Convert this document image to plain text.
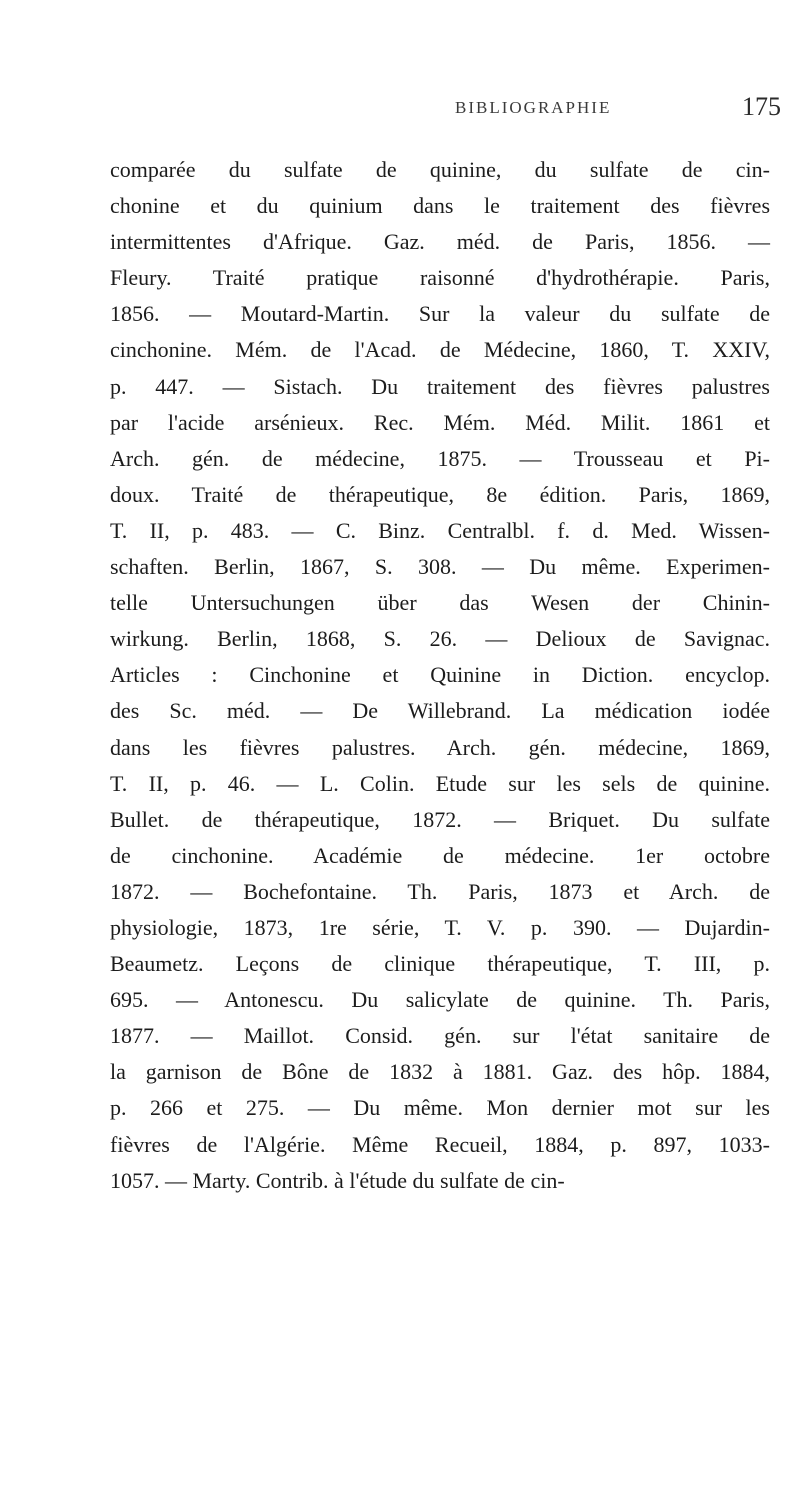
BIBLIOGRAPHIE	175
comparée du sulfate de quinine, du sulfate de cin-
chonine et du quinium dans le traitement des fièvres
intermittentes d'Afrique. Gaz. méd. de Paris, 1856. —
Fleury. Traité pratique raisonné d'hydrothérapie. Paris,
1856. — Moutard-Martin. Sur la valeur du sulfate de
cinchonine. Mém. de l'Acad. de Médecine, 1860, T. XXIV,
p. 447. — Sistach. Du traitement des fièvres palustres
par l'acide arsénieux. Rec. Mém. Méd. Milit. 1861 et
Arch. gén. de médecine, 1875. — Trousseau et Pi-
doux. Traité de thérapeutique, 8e édition. Paris, 1869,
T. II, p. 483. — C. Binz. Centralbl. f. d. Med. Wissen-
schaften. Berlin, 1867, S. 308. — Du même. Experimen-
telle Untersuchungen über das Wesen der Chinin-
wirkung. Berlin, 1868, S. 26. — Delioux de Savignac.
Articles : Cinchonine et Quinine in Diction. encyclop.
des Sc. méd. — De Willebrand. La médication iodée
dans les fièvres palustres. Arch. gén. médecine, 1869,
T. II, p. 46. — L. Colin. Etude sur les sels de quinine.
Bullet. de thérapeutique, 1872. — Briquet. Du sulfate
de cinchonine. Académie de médecine. 1er octobre
1872. — Bochefontaine. Th. Paris, 1873 et Arch. de
physiologie, 1873, 1re série, T. V. p. 390. — Dujardin-
Beaumetz. Leçons de clinique thérapeutique, T. III, p.
695. — Antonescu. Du salicylate de quinine. Th. Paris,
1877. — Maillot. Consid. gén. sur l'état sanitaire de
la garnison de Bône de 1832 à 1881. Gaz. des hôp. 1884,
p. 266 et 275. — Du même. Mon dernier mot sur les
fièvres de l'Algérie. Même Recueil, 1884, p. 897, 1033-
1057. — Marty. Contrib. à l'étude du sulfate de cin-
